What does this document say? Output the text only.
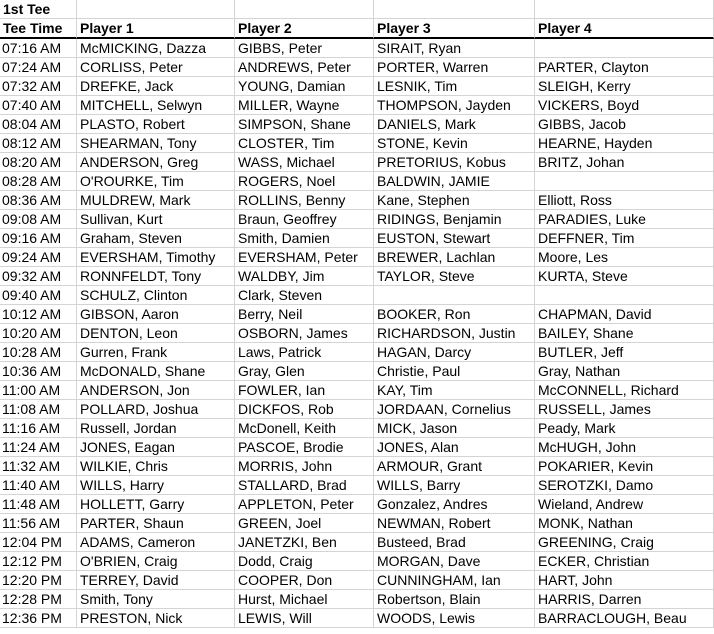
1st Tee
Tee Time	Player 1	Player 2	Player 3	Player 4
07:16 AM	McMICKING, Dazza	GIBBS, Peter	SIRAIT, Ryan
07:24 AM	CORLISS, Peter	ANDREWS, Peter	PORTER, Warren	PARTER, Clayton
07:32 AM	DREFKE, Jack	YOUNG, Damian	LESNIK, Tim	SLEIGH, Kerry
07:40 AM	MITCHELL, Selwyn	MILLER, Wayne	THOMPSON, Jayden	VICKERS, Boyd
08:04 AM	PLASTO, Robert	SIMPSON, Shane	DANIELS, Mark	GIBBS, Jacob
08:12 AM	SHEARMAN, Tony	CLOSTER, Tim	STONE, Kevin	HEARNE, Hayden
08:20 AM	ANDERSON, Greg	WASS, Michael	PRETORIUS, Kobus	BRITZ, Johan
08:28 AM	O'ROURKE, Tim	ROGERS, Noel	BALDWIN, JAMIE
08:36 AM	MULDREW, Mark	ROLLINS, Benny	Kane, Stephen	Elliott, Ross
09:08 AM	Sullivan, Kurt	Braun, Geoffrey	RIDINGS, Benjamin	PARADIES, Luke
09:16 AM	Graham, Steven	Smith, Damien	EUSTON, Stewart	DEFFNER, Tim
09:24 AM	EVERSHAM, Timothy	EVERSHAM, Peter	BREWER, Lachlan	Moore, Les
09:32 AM	RONNFELDT, Tony	WALDBY, Jim	TAYLOR, Steve	KURTA, Steve
09:40 AM	SCHULZ, Clinton	Clark, Steven
10:12 AM	GIBSON, Aaron	Berry, Neil	BOOKER, Ron	CHAPMAN, David
10:20 AM	DENTON, Leon	OSBORN, James	RICHARDSON, Justin	BAILEY, Shane
10:28 AM	Gurren, Frank	Laws, Patrick	HAGAN, Darcy	BUTLER, Jeff
10:36 AM	McDONALD, Shane	Gray, Glen	Christie, Paul	Gray, Nathan
11:00 AM	ANDERSON, Jon	FOWLER, Ian	KAY, Tim	McCONNELL, Richard
11:08 AM	POLLARD, Joshua	DICKFOS, Rob	JORDAAN, Cornelius	RUSSELL, James
11:16 AM	Russell, Jordan	McDonell, Keith	MICK, Jason	Peady, Mark
11:24 AM	JONES, Eagan	PASCOE, Brodie	JONES, Alan	McHUGH, John
11:32 AM	WILKIE, Chris	MORRIS, John	ARMOUR, Grant	POKARIER, Kevin
11:40 AM	WILLS, Harry	STALLARD, Brad	WILLS, Barry	SEROTZKI, Damo
11:48 AM	HOLLETT, Garry	APPLETON, Peter	Gonzalez, Andres	Wieland, Andrew
11:56 AM	PARTER, Shaun	GREEN, Joel	NEWMAN, Robert	MONK, Nathan
12:04 PM	ADAMS, Cameron	JANETZKI, Ben	Busteed, Brad	GREENING, Craig
12:12 PM	O'BRIEN, Craig	Dodd, Craig	MORGAN, Dave	ECKER, Christian
12:20 PM	TERREY, David	COOPER, Don	CUNNINGHAM, Ian	HART, John
12:28 PM	Smith, Tony	Hurst, Michael	Robertson, Blain	HARRIS, Darren
12:36 PM	PRESTON, Nick	LEWIS, Will	WOODS, Lewis	BARRACLOUGH, Beau
